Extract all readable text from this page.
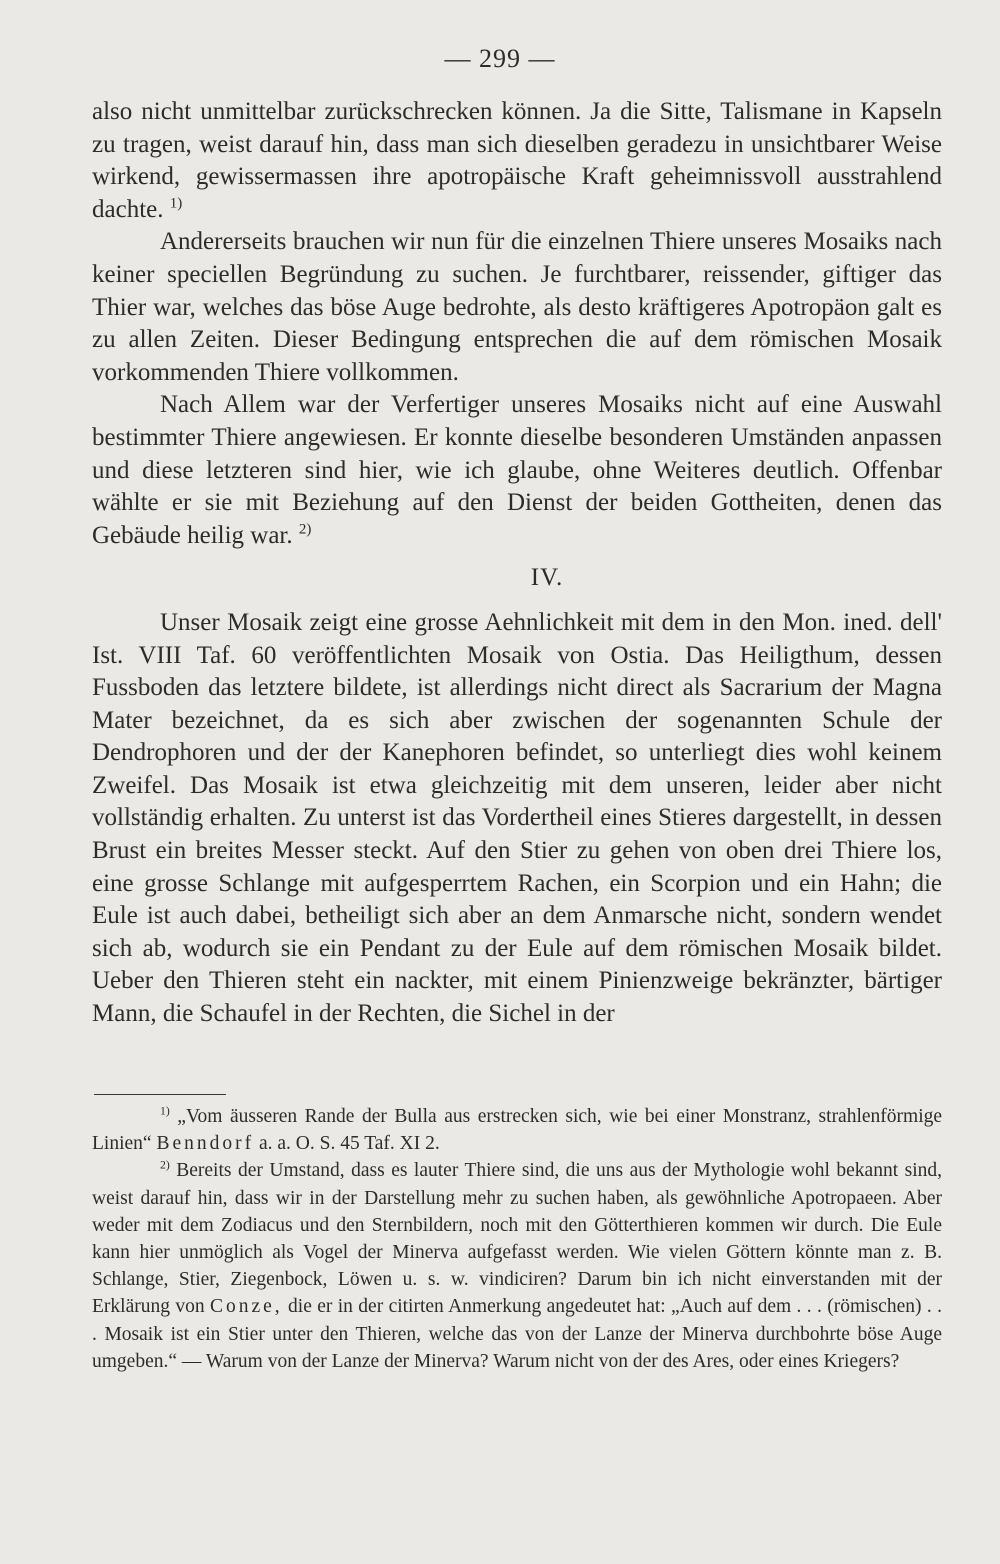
— 299 —

also nicht unmittelbar zurückschrecken können. Ja die Sitte, Talismane in Kapseln zu tragen, weist darauf hin, dass man sich dieselben geradezu in unsichtbarer Weise wirkend, gewissermassen ihre apotropäische Kraft geheimnissvoll ausstrahlend dachte. $^{1)}$

Andererseits brauchen wir nun für die einzelnen Thiere unseres Mosaiks nach keiner speciellen Begründung zu suchen. Je furchtbarer, reissender, giftiger das Thier war, welches das böse Auge bedrohte, als desto kräftigeres Apotropäon galt es zu allen Zeiten. Dieser Bedingung entsprechen die auf dem römischen Mosaik vorkommenden Thiere vollkommen.

Nach Allem war der Verfertiger unseres Mosaiks nicht auf eine Auswahl bestimmter Thiere angewiesen. Er konnte dieselbe besonderen Umständen anpassen und diese letzteren sind hier, wie ich glaube, ohne Weiteres deutlich. Offenbar wählte er sie mit Beziehung auf den Dienst der beiden Gottheiten, denen das Gebäude heilig war. $^{2)}$

IV.

Unser Mosaik zeigt eine grosse Aehnlichkeit mit dem in den Mon. ined. dell' Ist. VIII Taf. 60 veröffentlichten Mosaik von Ostia. Das Heiligthum, dessen Fussboden das letztere bildete, ist allerdings nicht direct als Sacrarium der Magna Mater bezeichnet, da es sich aber zwischen der sogenannten Schule der Dendrophoren und der der Kanephoren befindet, so unterliegt dies wohl keinem Zweifel. Das Mosaik ist etwa gleichzeitig mit dem unseren, leider aber nicht vollständig erhalten. Zu unterst ist das Vordertheil eines Stieres dargestellt, in dessen Brust ein breites Messer steckt. Auf den Stier zu gehen von oben drei Thiere los, eine grosse Schlange mit aufgesperrtem Rachen, ein Scorpion und ein Hahn; die Eule ist auch dabei, betheiligt sich aber an dem Anmarsche nicht, sondern wendet sich ab, wodurch sie ein Pendant zu der Eule auf dem römischen Mosaik bildet. Ueber den Thieren steht ein nackter, mit einem Pinienzweige bekränzter, bärtiger Mann, die Schaufel in der Rechten, die Sichel in der

$^{1)}$ „Vom äusseren Rande der Bulla aus erstrecken sich, wie bei einer Monstranz, strahlenförmige Linien“ Benndorf a. a. O. S. 45 Taf. XI 2.

$^{2)}$ Bereits der Umstand, dass es lauter Thiere sind, die uns aus der Mythologie wohl bekannt sind, weist darauf hin, dass wir in der Darstellung mehr zu suchen haben, als gewöhnliche Apotropaeen. Aber weder mit dem Zodiacus und den Sternbildern, noch mit den Götterthieren kommen wir durch. Die Eule kann hier unmöglich als Vogel der Minerva aufgefasst werden. Wie vielen Göttern könnte man z. B. Schlange, Stier, Ziegenbock, Löwen u. s. w. vindiciren? Darum bin ich nicht einverstanden mit der Erklärung von Conze, die er in der citirten Anmerkung angedeutet hat: „Auch auf dem . . . (römischen) . . . Mosaik ist ein Stier unter den Thieren, welche das von der Lanze der Minerva durchbohrte böse Auge umgeben.“ — Warum von der Lanze der Minerva? Warum nicht von der des Ares, oder eines Kriegers?
